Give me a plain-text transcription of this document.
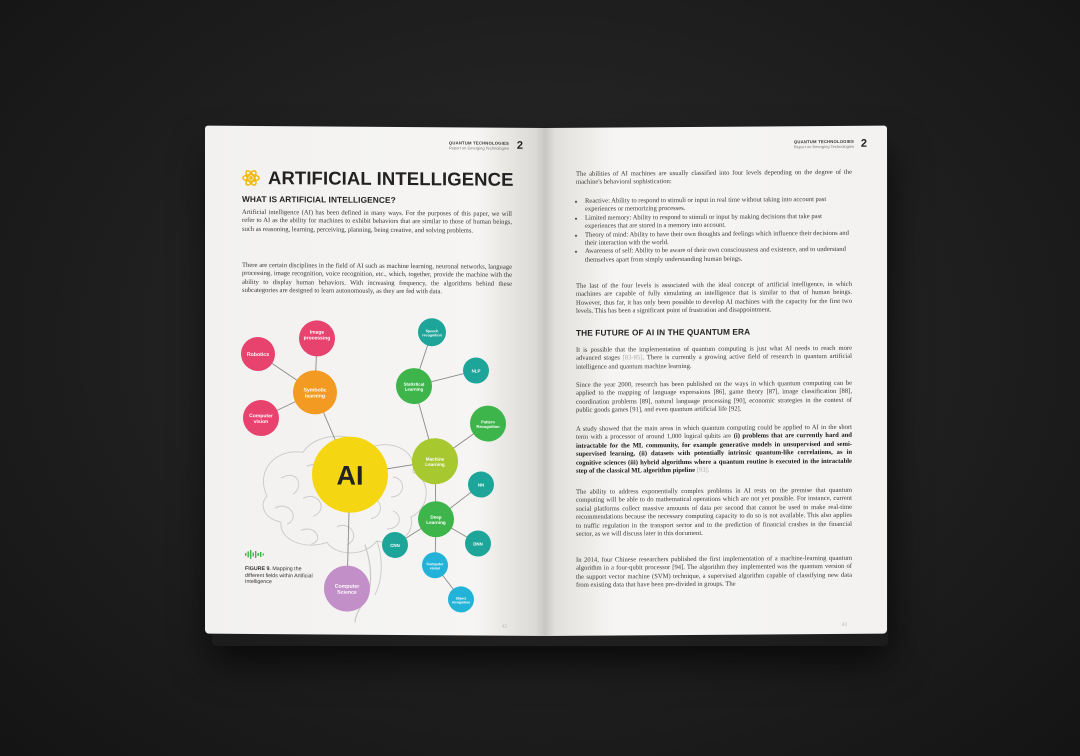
QUANTUM TECHNOLOGIES
Report on Emerging Technologies 2
ARTIFICIAL INTELLIGENCE
WHAT IS ARTIFICIAL INTELLIGENCE?
Artificial intelligence (AI) has been defined in many ways. For the purposes of this paper, we will refer to AI as the ability for machines to exhibit behaviors that are similar to those of human beings, such as reasoning, learning, perceiving, planning, being creative, and solving problems.
There are certain disciplines in the field of AI such as machine learning, neuronal networks, language processing, image recognition, voice recognition, etc., which, together, provide the machine with the ability to display human behaviors. With increasing frequency, the algorithms behind these subcategories are designed to learn autonomously, as they are fed with data.
Robotics
Image processing
Symbolic learning
Computer vision
AI
Computer Science
Speech recognition
Statistical Learning
NLP
Pattern Recognition
Machine Learning
NN
Deep Learning
DNN
CNN
Computer vision
Object recognition
FIGURE 9. Mapping the different fields within Artificial Intelligence
42
QUANTUM TECHNOLOGIES
Report on Emerging Technologies 2
The abilities of AI machines are usually classified into four levels depending on the degree of the machine's behavioral sophistication:
• Reactive: Ability to respond to stimuli or input in real time without taking into account past experiences or memorizing processes.
• Limited memory: Ability to respond to stimuli or input by making decisions that take past experiences that are stored in a memory into account.
• Theory of mind: Ability to have their own thoughts and feelings which influence their decisions and their interaction with the world.
• Awareness of self: Ability to be aware of their own consciousness and existence, and to understand themselves apart from simply understanding human beings.
The last of the four levels is associated with the ideal concept of artificial intelligence, in which machines are capable of fully simulating an intelligence that is similar to that of human beings. However, thus far, it has only been possible to develop AI machines with the capacity for the first two levels. This has been a significant point of frustration and disappointment.
THE FUTURE OF AI IN THE QUANTUM ERA
It is possible that the implementation of quantum computing is just what AI needs to reach more advanced stages [83-85]. There is currently a growing active field of research in quantum artificial intelligence and quantum machine learning.
Since the year 2000, research has been published on the ways in which quantum computing can be applied to the mapping of language expressions [86], game theory [87], image classification [88], coordination problems [89], natural language processing [90], economic strategies in the context of public goods games [91], and even quantum artificial life [92].
A study showed that the main areas in which quantum computing could be applied to AI in the short term with a processor of around 1,000 logical qubits are (i) problems that are currently hard and intractable for the ML community, for example generative models in unsupervised and semi-supervised learning, (ii) datasets with potentially intrinsic quantum-like correlations, as in cognitive sciences (iii) hybrid algorithms where a quantum routine is executed in the intractable step of the classical ML algorithm pipeline [93].
The ability to address exponentially complex problems in AI rests on the premise that quantum computing will be able to do mathematical operations which are not yet possible. For instance, current social platforms collect massive amounts of data per second that cannot be used to make real-time recommendations because the necessary computing capacity to do so is not available. This also applies to traffic regulation in the transport sector and to the prediction of financial crashes in the financial sector, as we will discuss later in this document.
In 2014, four Chinese researchers published the first implementation of a machine-learning quantum algorithm in a four-qubit processor [94]. The algorithm they implemented was the quantum version of the support vector machine (SVM) technique, a supervised algorithm capable of classifying new data from existing data that have been pre-divided in groups. The
43
